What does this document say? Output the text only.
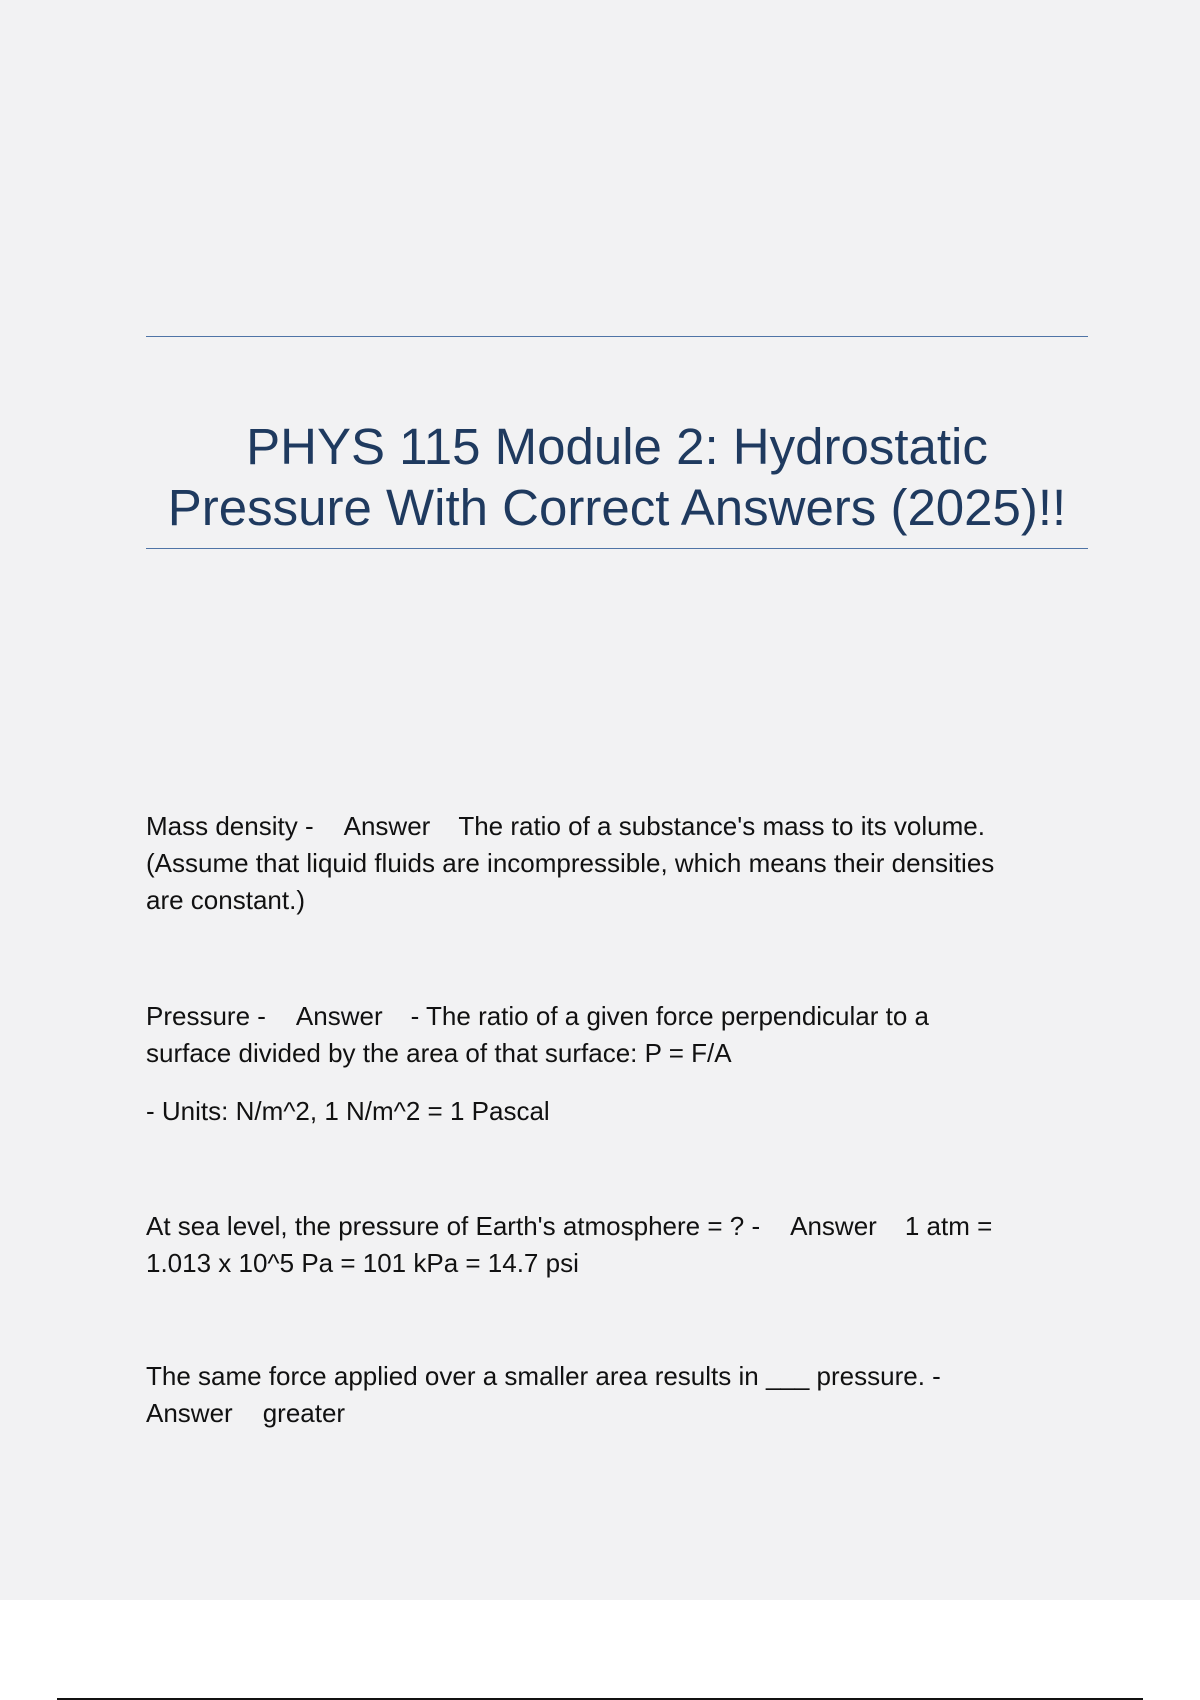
PHYS 115 Module 2: Hydrostatic
Pressure With Correct Answers (2025)!!
Mass density - Answer The ratio of a substance's mass to its volume.
(Assume that liquid fluids are incompressible, which means their densities
are constant.)
Pressure - Answer - The ratio of a given force perpendicular to a
surface divided by the area of that surface: P = F/A
- Units: N/m^2, 1 N/m^2 = 1 Pascal
At sea level, the pressure of Earth's atmosphere = ? - Answer 1 atm =
1.013 x 10^5 Pa = 101 kPa = 14.7 psi
The same force applied over a smaller area results in ___ pressure. -
Answer greater
